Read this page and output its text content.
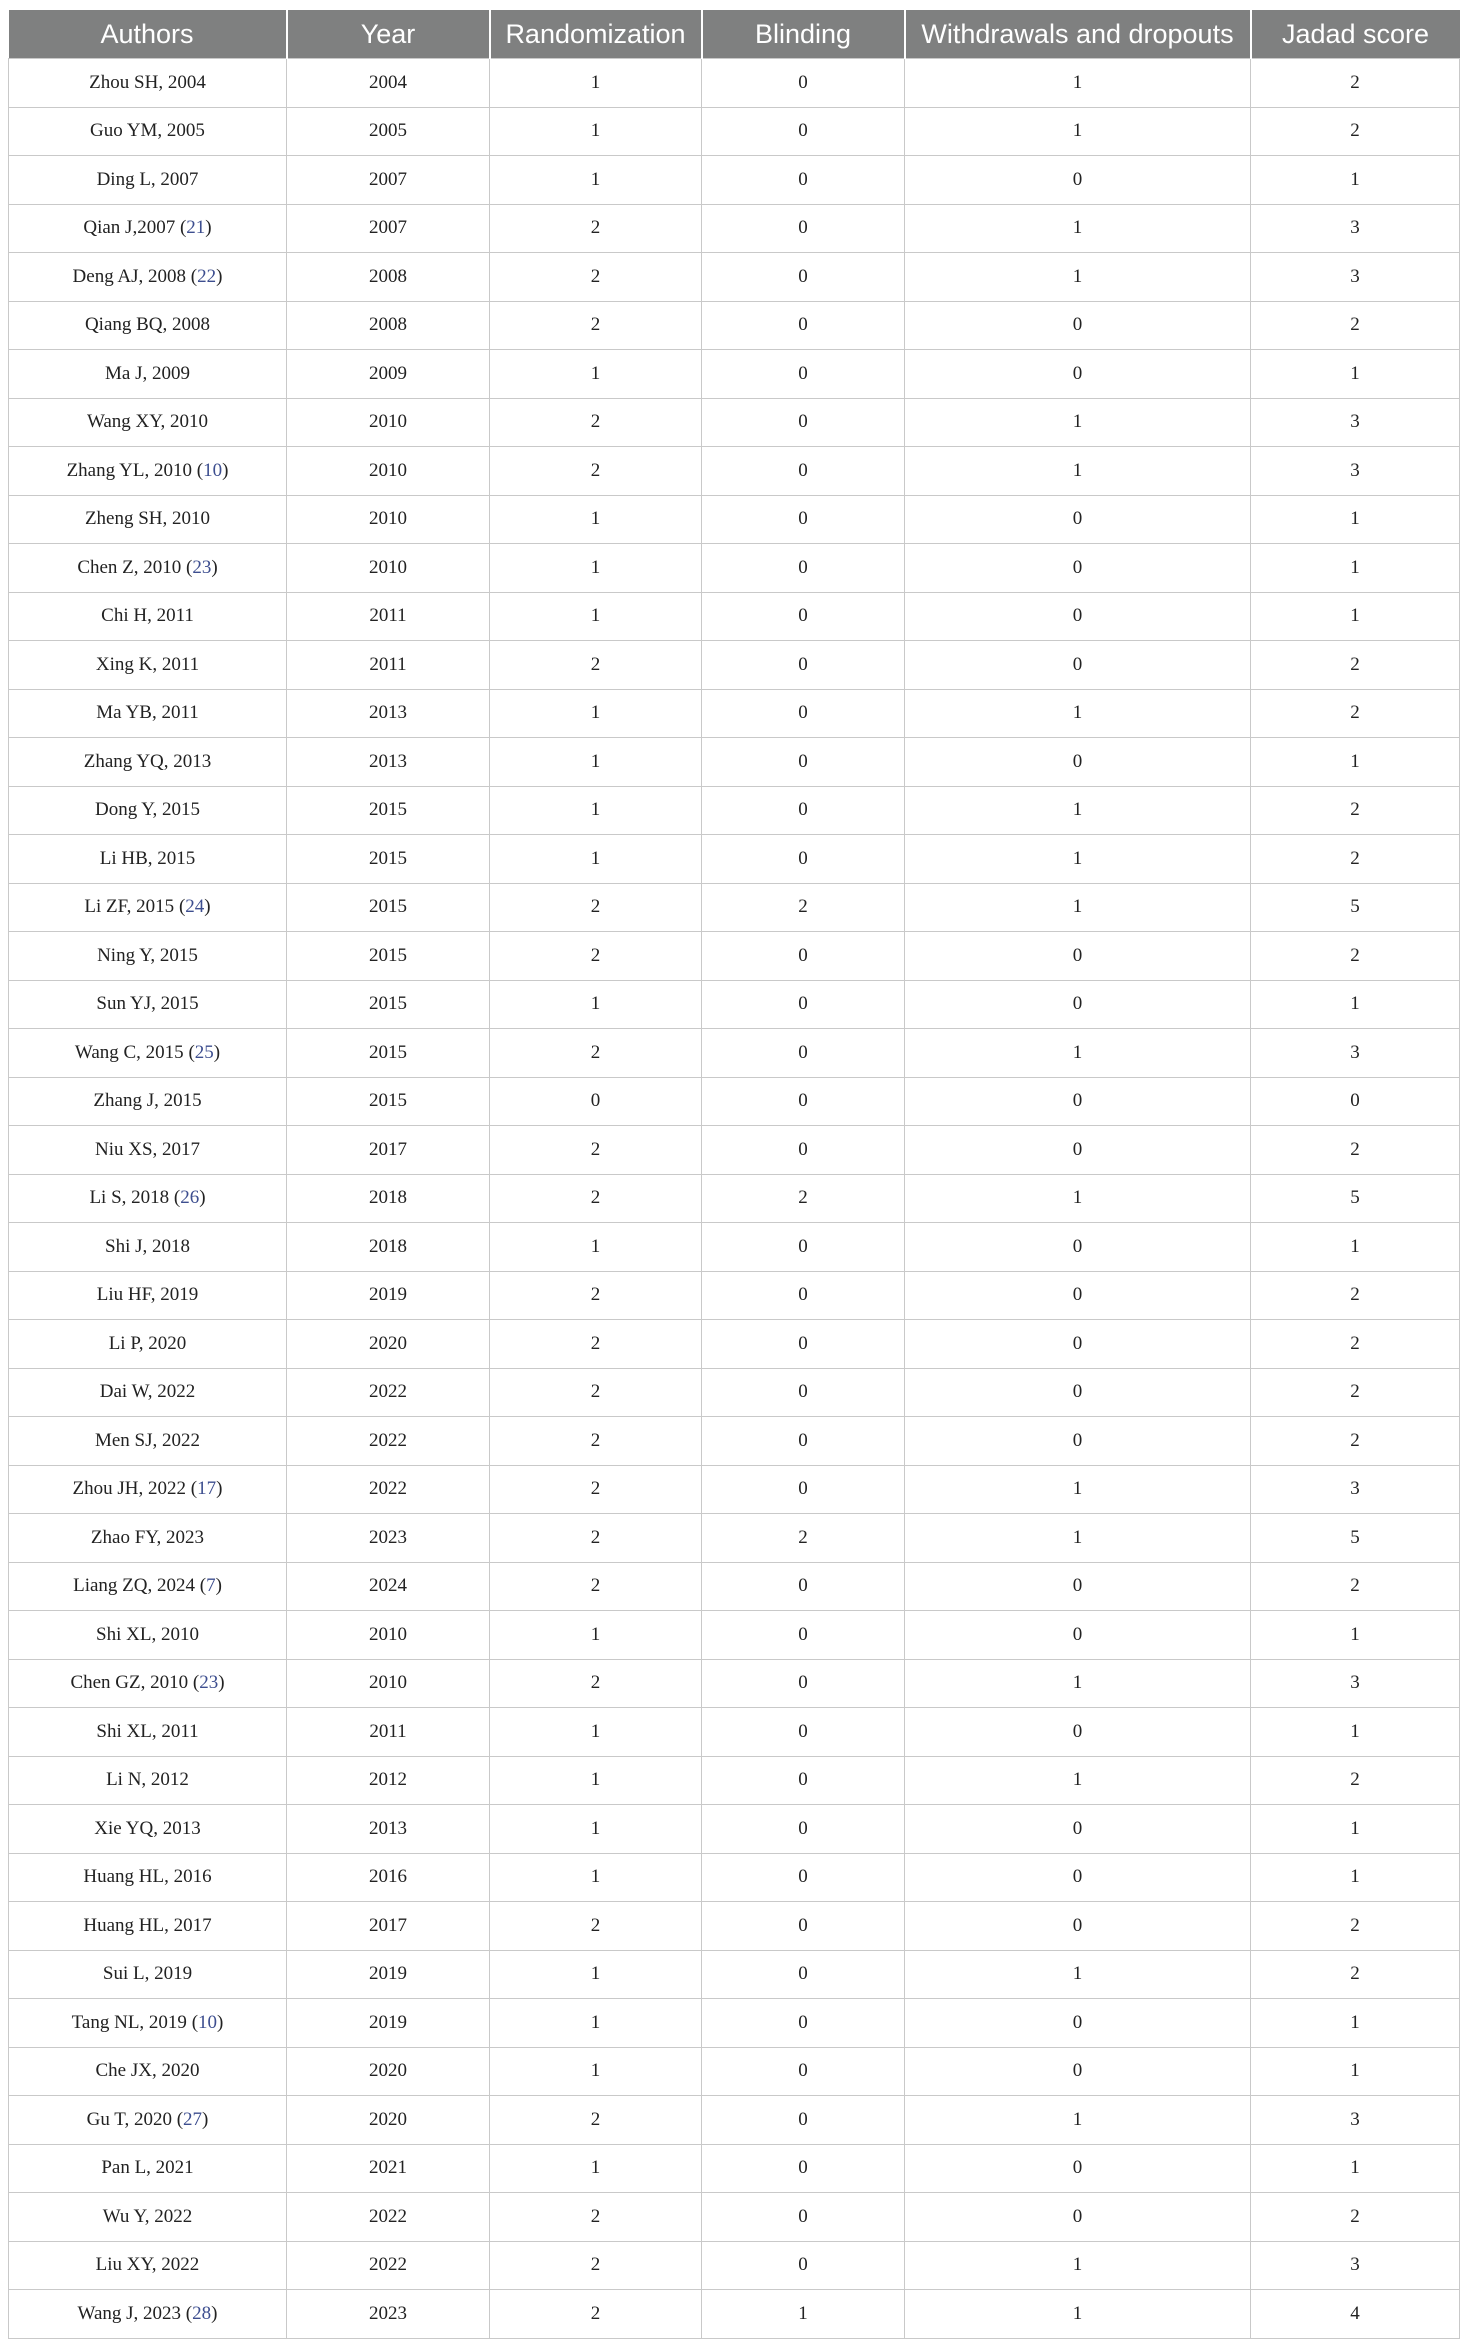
Authors	Year	Randomization	Blinding	Withdrawals and dropouts	Jadad score
Zhou SH, 2004	2004	1	0	1	2
Guo YM, 2005	2005	1	0	1	2
Ding L, 2007	2007	1	0	0	1
Qian J,2007 (21)	2007	2	0	1	3
Deng AJ, 2008 (22)	2008	2	0	1	3
Qiang BQ, 2008	2008	2	0	0	2
Ma J, 2009	2009	1	0	0	1
Wang XY, 2010	2010	2	0	1	3
Zhang YL, 2010 (10)	2010	2	0	1	3
Zheng SH, 2010	2010	1	0	0	1
Chen Z, 2010 (23)	2010	1	0	0	1
Chi H, 2011	2011	1	0	0	1
Xing K, 2011	2011	2	0	0	2
Ma YB, 2011	2013	1	0	1	2
Zhang YQ, 2013	2013	1	0	0	1
Dong Y, 2015	2015	1	0	1	2
Li HB, 2015	2015	1	0	1	2
Li ZF, 2015 (24)	2015	2	2	1	5
Ning Y, 2015	2015	2	0	0	2
Sun YJ, 2015	2015	1	0	0	1
Wang C, 2015 (25)	2015	2	0	1	3
Zhang J, 2015	2015	0	0	0	0
Niu XS, 2017	2017	2	0	0	2
Li S, 2018 (26)	2018	2	2	1	5
Shi J, 2018	2018	1	0	0	1
Liu HF, 2019	2019	2	0	0	2
Li P, 2020	2020	2	0	0	2
Dai W, 2022	2022	2	0	0	2
Men SJ, 2022	2022	2	0	0	2
Zhou JH, 2022 (17)	2022	2	0	1	3
Zhao FY, 2023	2023	2	2	1	5
Liang ZQ, 2024 (7)	2024	2	0	0	2
Shi XL, 2010	2010	1	0	0	1
Chen GZ, 2010 (23)	2010	2	0	1	3
Shi XL, 2011	2011	1	0	0	1
Li N, 2012	2012	1	0	1	2
Xie YQ, 2013	2013	1	0	0	1
Huang HL, 2016	2016	1	0	0	1
Huang HL, 2017	2017	2	0	0	2
Sui L, 2019	2019	1	0	1	2
Tang NL, 2019 (10)	2019	1	0	0	1
Che JX, 2020	2020	1	0	0	1
Gu T, 2020 (27)	2020	2	0	1	3
Pan L, 2021	2021	1	0	0	1
Wu Y, 2022	2022	2	0	0	2
Liu XY, 2022	2022	2	0	1	3
Wang J, 2023 (28)	2023	2	1	1	4
